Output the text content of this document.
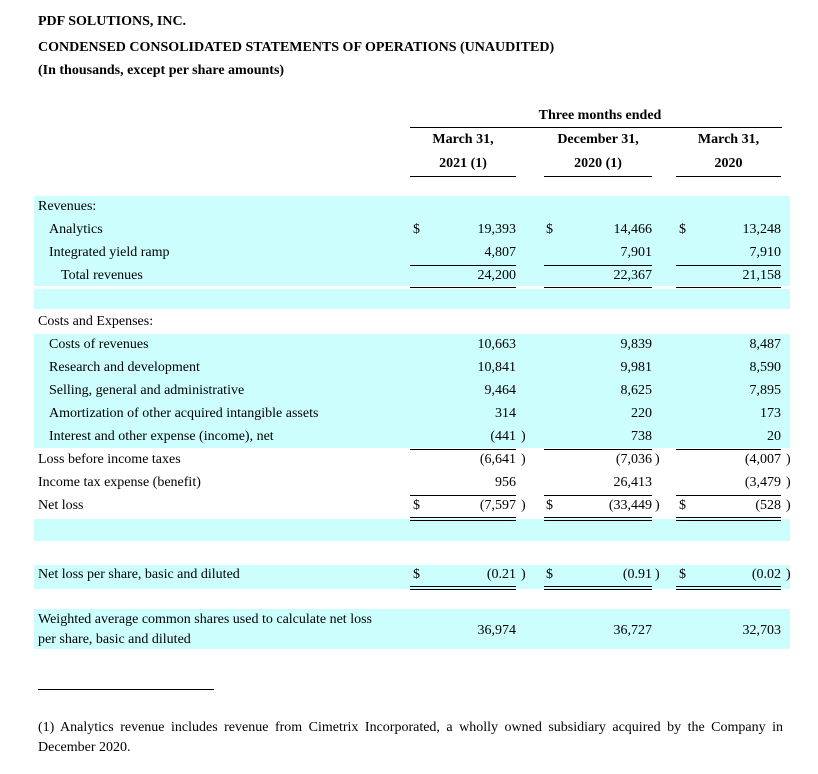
PDF SOLUTIONS, INC.
CONDENSED CONSOLIDATED STATEMENTS OF OPERATIONS (UNAUDITED)
(In thousands, except per share amounts)
Three months ended
March 31,
2021 (1)
December 31,
2020 (1)
March 31,
2020
Revenues:
Analytics	$	19,393 $	14,466 $	13,248
Integrated yield ramp	4,807	7,901	7,910
Total revenues	24,200	22,367	21,158
Costs and Expenses:
Costs of revenues	10,663	9,839	8,487
Research and development	10,841	9,981	8,590
Selling, general and administrative	9,464	8,625	7,895
Amortization of other acquired intangible assets	314	220	173
Interest and other expense (income), net	(441 )	738	20
Loss before income taxes	(6,641 )	(7,036 )	(4,007 )
Income tax expense (benefit)	956	26,413	(3,479 )
Net loss	$	(7,597 ) $	(33,449 ) $	(528 )
Net loss per share, basic and diluted	$	(0.21 ) $	(0.91 ) $	(0.02 )
Weighted average common shares used to calculate net loss
per share, basic and diluted
36,974	36,727	32,703
(1) Analytics revenue includes revenue from Cimetrix Incorporated, a wholly owned subsidiary acquired by the Company in December 2020.
